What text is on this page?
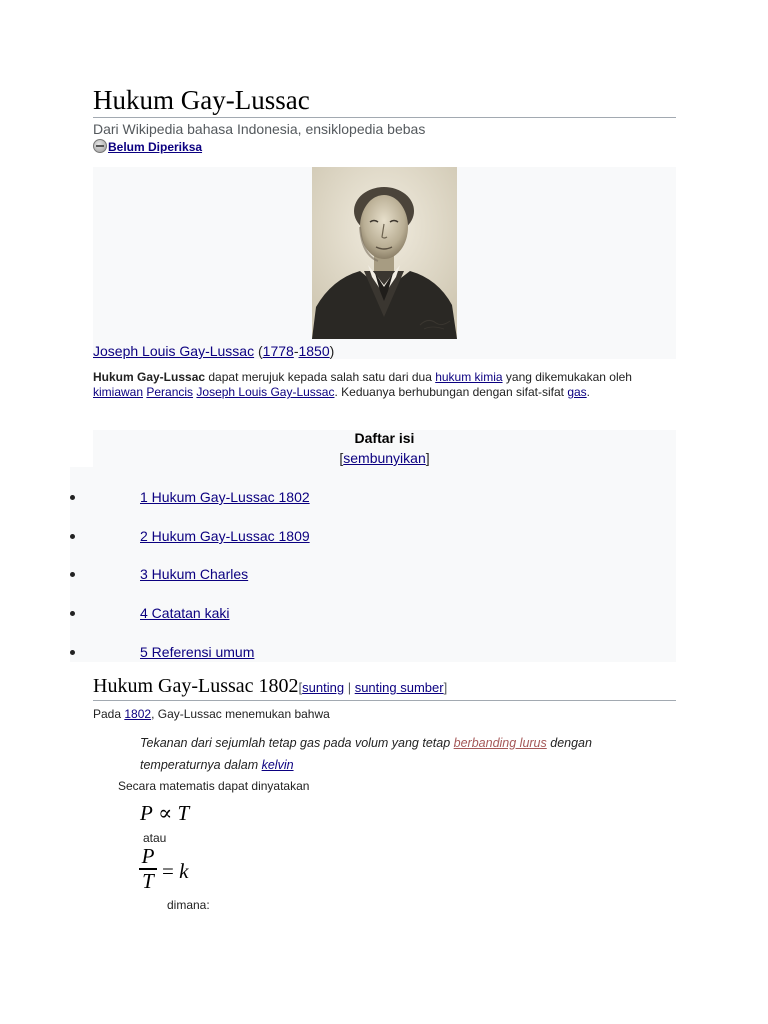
Hukum Gay-Lussac
Dari Wikipedia bahasa Indonesia, ensiklopedia bebas
Belum Diperiksa
Joseph Louis Gay-Lussac (1778-1850)
Hukum Gay-Lussac dapat merujuk kepada salah satu dari dua hukum kimia yang dikemukakan oleh kimiawan Perancis Joseph Louis Gay-Lussac. Keduanya berhubungan dengan sifat-sifat gas.
Daftar isi
[sembunyikan]
1 Hukum Gay-Lussac 1802
2 Hukum Gay-Lussac 1809
3 Hukum Charles
4 Catatan kaki
5 Referensi umum
Hukum Gay-Lussac 1802[sunting | sunting sumber]
Pada 1802, Gay-Lussac menemukan bahwa
Tekanan dari sejumlah tetap gas pada volum yang tetap berbanding lurus dengan temperaturnya dalam kelvin
Secara matematis dapat dinyatakan
P ∝ T
atau
P
T = k
dimana:
